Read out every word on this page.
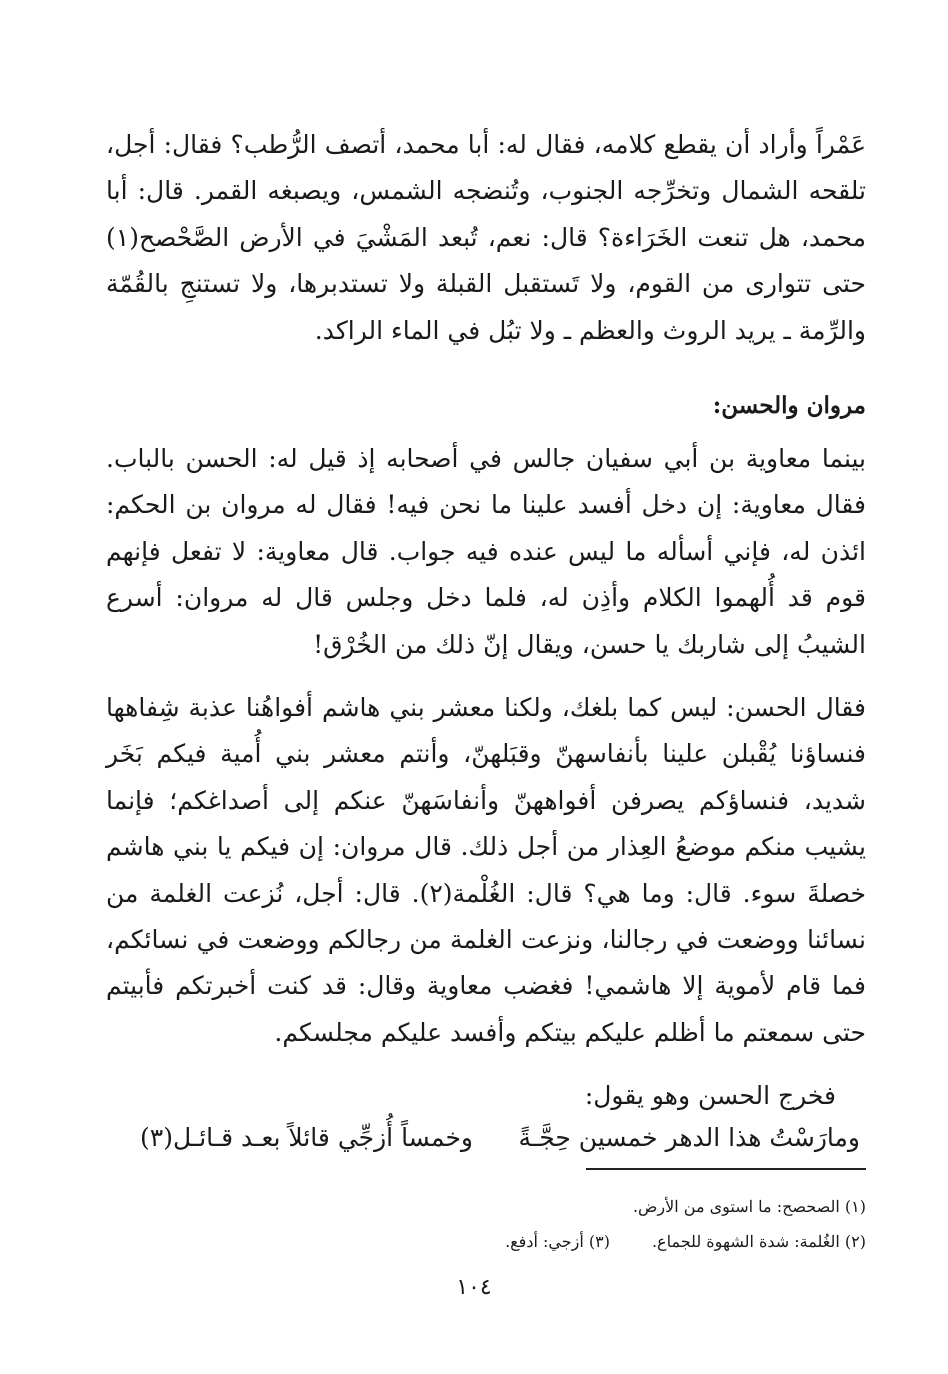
عَمْراً وأراد أن يقطع كلامه، فقال له: أبا محمد، أتصف الرُّطب؟ فقال: أجل، تلقحه الشمال وتخرِّجه الجنوب، وتُنضجه الشمس، ويصبغه القمر. قال: أبا محمد، هل تنعت الخَرَاءة؟ قال: نعم، تُبعد المَشْيَ في الأرض الصَّحْصح(١) حتى تتوارى من القوم، ولا تَستقبل القبلة ولا تستدبرها، ولا تستنجِ بالقُمّة والرِّمة ـ يريد الروث والعظم ـ ولا تبُل في الماء الراكد.
مروان والحسن:
بينما معاوية بن أبي سفيان جالس في أصحابه إذ قيل له: الحسن بالباب. فقال معاوية: إن دخل أفسد علينا ما نحن فيه! فقال له مروان بن الحكم: ائذن له، فإني أسأله ما ليس عنده فيه جواب. قال معاوية: لا تفعل فإنهم قوم قد أُلهموا الكلام وأذِن له، فلما دخل وجلس قال له مروان: أسرع الشيبُ إلى شاربك يا حسن، ويقال إنّ ذلك من الخُرْق!
فقال الحسن: ليس كما بلغك، ولكنا معشر بني هاشم أفواهُنا عذبة شِفاهها فنساؤنا يُقْبلن علينا بأنفاسهنّ وقبَلهنّ، وأنتم معشر بني أُمية فيكم بَخَر شديد، فنساؤكم يصرفن أفواههنّ وأنفاسَهنّ عنكم إلى أصداغكم؛ فإنما يشيب منكم موضعُ العِذار من أجل ذلك. قال مروان: إن فيكم يا بني هاشم خصلةَ سوء. قال: وما هي؟ قال: الغُلْمة(٢). قال: أجل، نُزعت الغلمة من نسائنا ووضعت في رجالنا، ونزعت الغلمة من رجالكم ووضعت في نسائكم، فما قام لأموية إلا هاشمي! فغضب معاوية وقال: قد كنت أخبرتكم فأبيتم حتى سمعتم ما أظلم عليكم بيتكم وأفسد عليكم مجلسكم.
فخرج الحسن وهو يقول:
ومارَسْتُ هذا الدهر خمسين حِجَّـةً
وخمساً أُزجِّي قائلاً بعـد قـائـل(٣)
(١) الصحصح: ما استوى من الأرض.
(٢) الغُلمة: شدة الشهوة للجماع.
(٣) أزجي: أدفع.
١٠٤
